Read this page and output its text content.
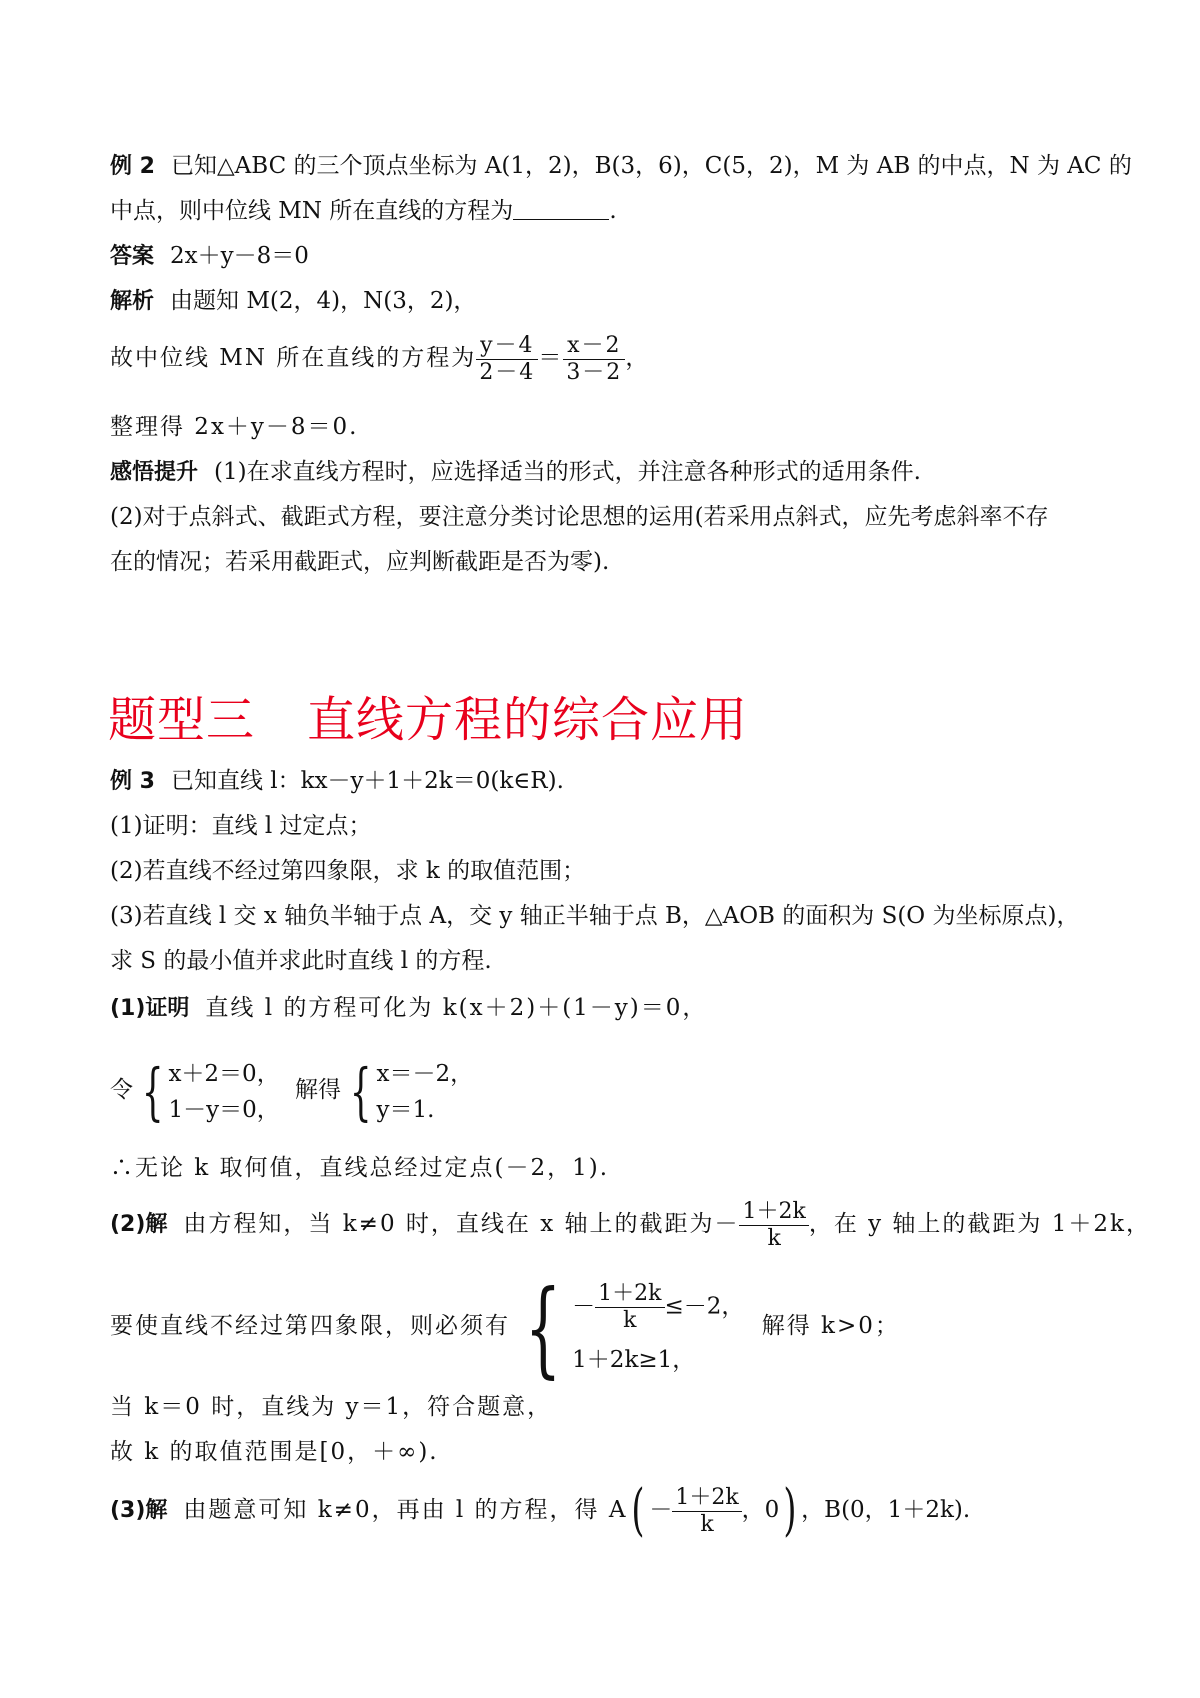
例 2 已知△ABC 的三个顶点坐标为 A(1，2)，B(3，6)，C(5，2)，M 为 AB 的中点，N 为 AC 的
中点，则中位线 MN 所在直线的方程为	.
答案 2x＋y－8＝0
解析 由题知 M(2，4)，N(3，2)，
故中位线 MN 所在直线的方程为 $\frac{y-4}{2-4} = \frac{x-2}{3-2}$ ，
整理得 2x＋y－8＝0.
感悟提升 (1)在求直线方程时，应选择适当的形式，并注意各种形式的适用条件.
(2)对于点斜式、截距式方程，要注意分类讨论思想的运用(若采用点斜式，应先考虑斜率不存
在的情况；若采用截距式，应判断截距是否为零).
题型三 直线方程的综合应用
例 3 已知直线 l：kx－y＋1＋2k＝0(k∈R).
(1)证明：直线 l 过定点；
(2)若直线不经过第四象限，求 k 的取值范围；
(3)若直线 l 交 x 轴负半轴于点 A，交 y 轴正半轴于点 B，△AOB 的面积为 S(O 为坐标原点)，
求 S 的最小值并求此时直线 l 的方程.
(1)证明 直线 l 的方程可化为 k(x＋2)＋(1－y)＝0，
令 { x＋2＝0，
1－y＝0，
解得 { x＝－2，
y＝1.
∴无论 k 取何值，直线总经过定点(－2，1).
(2)解 由方程知，当 k≠0 时，直线在 x 轴上的截距为－ $\frac{1+2k}{k}$ ，在 y 轴上的截距为 1＋2k，
要使直线不经过第四象限，则必须有 { － $\frac{1+2k}{k} \le-2$，
1＋2k≥1，
解得 k>0；
当 k＝0 时，直线为 y＝1，符合题意，
故 k 的取值范围是[0，＋∞).
(3)解 由题意可知 k≠0，再由 l 的方程，得 $A( - \frac{1+2k}{k}$ ，0) ，B(0，1＋2k).
